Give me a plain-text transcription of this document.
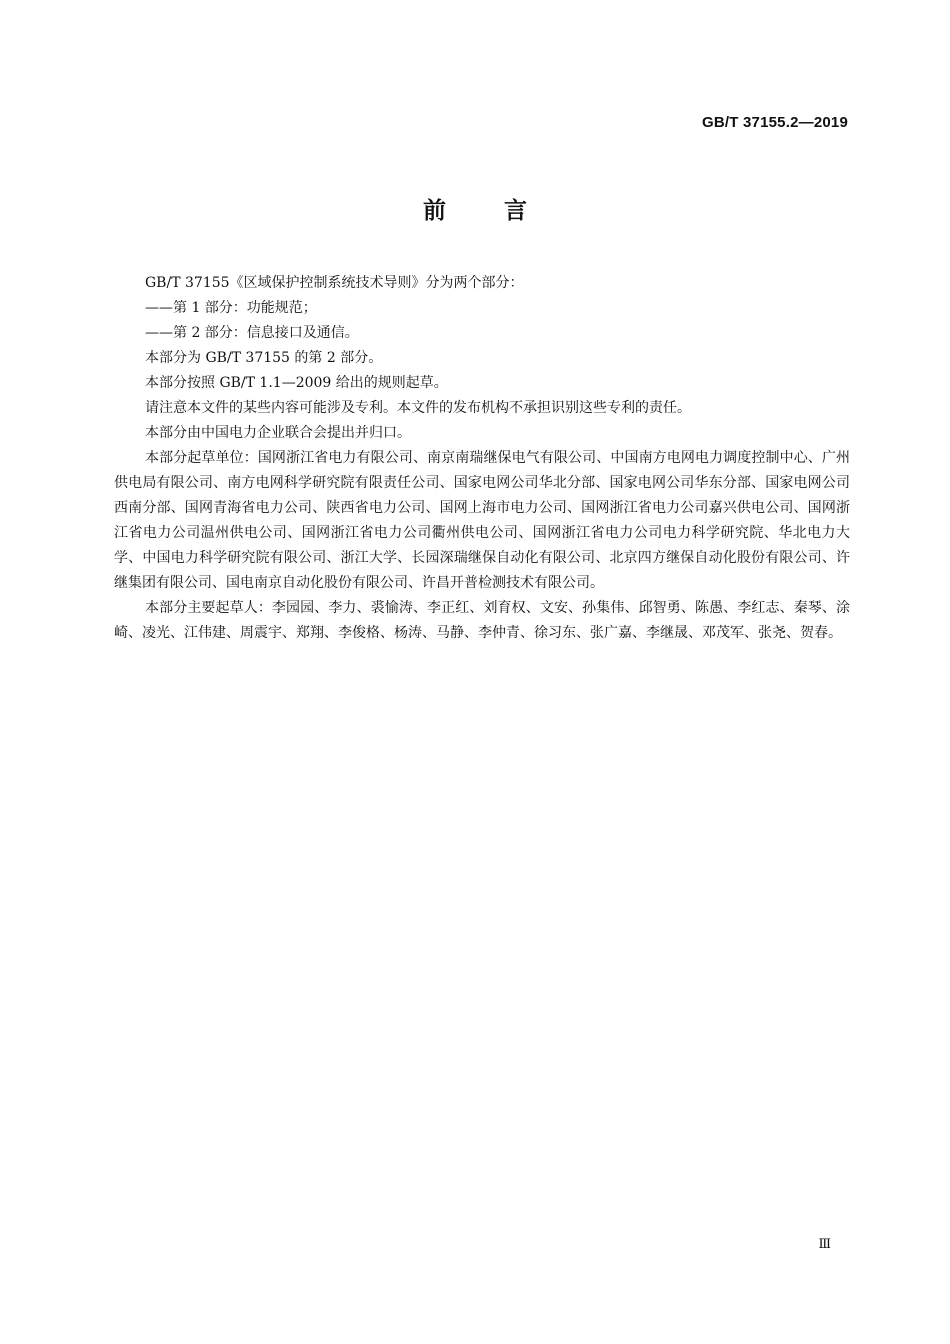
GB/T 37155.2—2019
前言

GB/T 37155《区域保护控制系统技术导则》分为两个部分：

——第 1 部分：功能规范；

——第 2 部分：信息接口及通信。

本部分为 GB/T 37155 的第 2 部分。

本部分按照 GB/T 1.1—2009 给出的规则起草。

请注意本文件的某些内容可能涉及专利。本文件的发布机构不承担识别这些专利的责任。

本部分由中国电力企业联合会提出并归口。

本部分起草单位：国网浙江省电力有限公司、南京南瑞继保电气有限公司、中国南方电网电力调度控制中心、广州供电局有限公司、南方电网科学研究院有限责任公司、国家电网公司华北分部、国家电网公司华东分部、国家电网公司西南分部、国网青海省电力公司、陕西省电力公司、国网上海市电力公司、国网浙江省电力公司嘉兴供电公司、国网浙江省电力公司温州供电公司、国网浙江省电力公司衢州供电公司、国网浙江省电力公司电力科学研究院、华北电力大学、中国电力科学研究院有限公司、浙江大学、长园深瑞继保自动化有限公司、北京四方继保自动化股份有限公司、许继集团有限公司、国电南京自动化股份有限公司、许昌开普检测技术有限公司。

本部分主要起草人：李园园、李力、裘愉涛、李正红、刘育权、文安、孙集伟、邱智勇、陈愚、李红志、秦琴、涂崎、凌光、江伟建、周震宇、郑翔、李俊格、杨涛、马静、李仲青、徐习东、张广嘉、李继晟、邓茂军、张尧、贺春。

Ⅲ
